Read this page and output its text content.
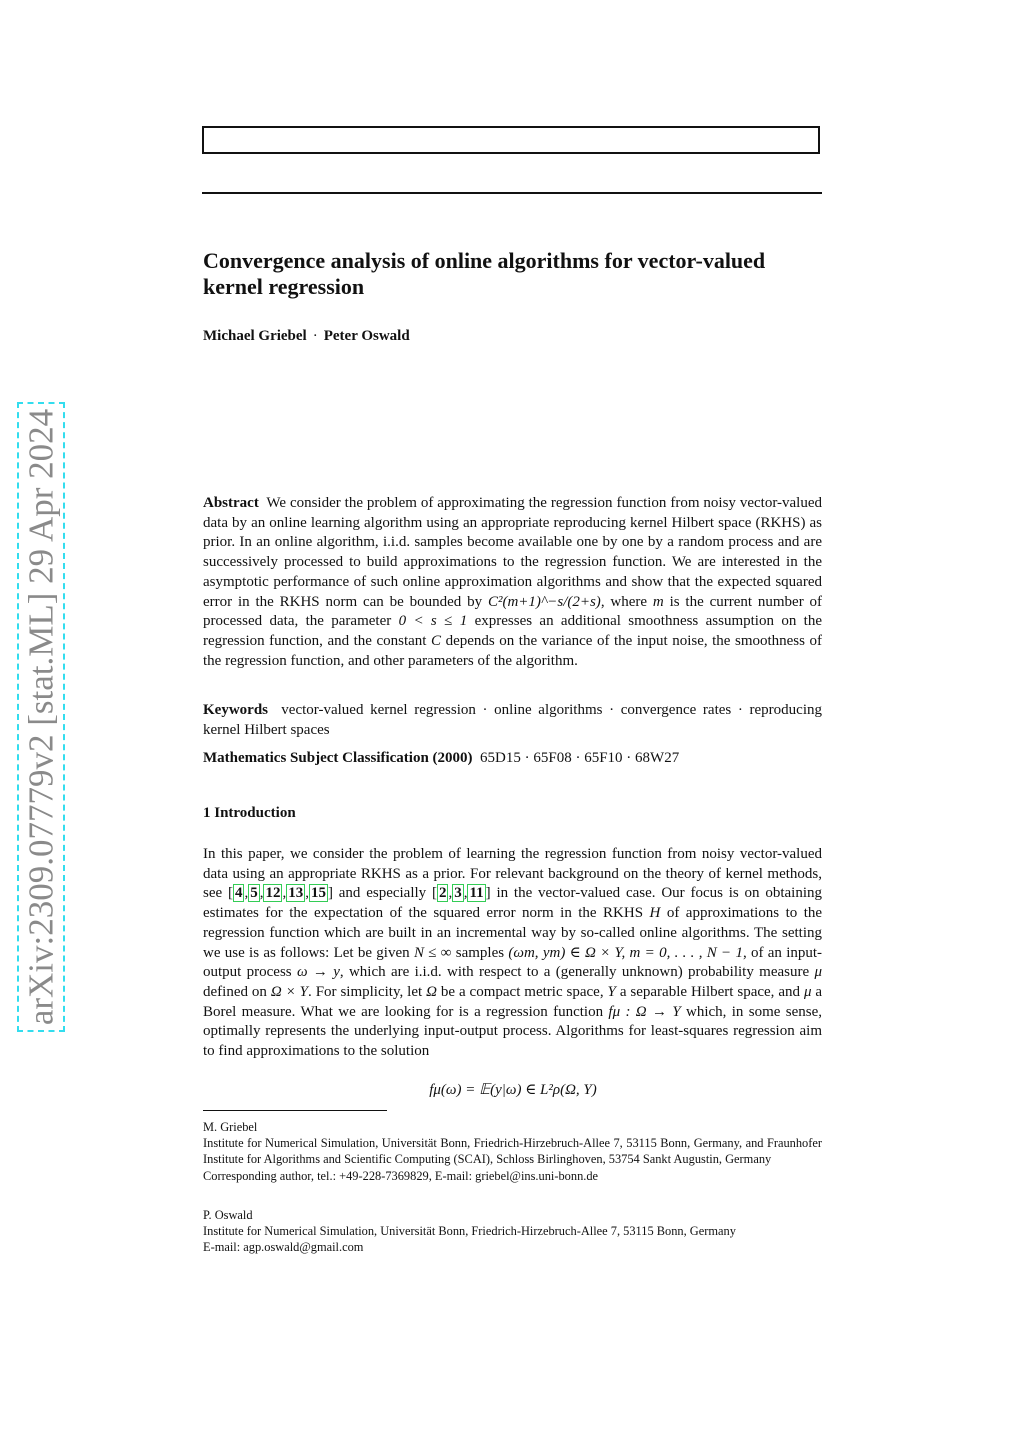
arXiv:2309.07779v2 [stat.ML] 29 Apr 2024
Convergence analysis of online algorithms for vector-valued kernel regression
Michael Griebel · Peter Oswald

Abstract We consider the problem of approximating the regression function from noisy vector-valued data by an online learning algorithm using an appropriate reproducing kernel Hilbert space (RKHS) as prior. In an online algorithm, i.i.d. samples become available one by one by a random process and are successively processed to build approximations to the regression function. We are interested in the asymptotic performance of such online approximation algorithms and show that the expected squared error in the RKHS norm can be bounded by C²(m+1)^−s/(2+s), where m is the current number of processed data, the parameter 0 < s ≤ 1 expresses an additional smoothness assumption on the regression function, and the constant C depends on the variance of the input noise, the smoothness of the regression function, and other parameters of the algorithm.

Keywords vector-valued kernel regression · online algorithms · convergence rates · reproducing kernel Hilbert spaces

Mathematics Subject Classification (2000) 65D15 · 65F08 · 65F10 · 68W27

1 Introduction

In this paper, we consider the problem of learning the regression function from noisy vector-valued data using an appropriate RKHS as a prior. For relevant background on the theory of kernel methods, see [ 4 , 5 , 12 , 13 , 15 ] and especially [ 2 , 3 , 11 ] in the vector-valued case. Our focus is on obtaining estimates for the expectation of the squared error norm in the RKHS H of approximations to the regression function which are built in an incremental way by so-called online algorithms. The setting we use is as follows: Let be given N ≤ ∞ samples (ωm, ym) ∈ Ω × Y, m = 0, . . . , N − 1, of an input-output process ω → y, which are i.i.d. with respect to a (generally unknown) probability measure μ defined on Ω × Y. For simplicity, let Ω be a compact metric space, Y a separable Hilbert space, and μ a Borel measure. What we are looking for is a regression function fμ : Ω → Y which, in some sense, optimally represents the underlying input-output process. Algorithms for least-squares regression aim to find approximations to the solution

fμ(ω) = 𝔼(y|ω) ∈ L²ρ(Ω, Y)

M. Griebel
Institute for Numerical Simulation, Universität Bonn, Friedrich-Hirzebruch-Allee 7, 53115 Bonn, Germany, and Fraunhofer Institute for Algorithms and Scientific Computing (SCAI), Schloss Birlinghoven, 53754 Sankt Augustin, Germany
Corresponding author, tel.: +49-228-7369829, E-mail: griebel@ins.uni-bonn.de

P. Oswald
Institute for Numerical Simulation, Universität Bonn, Friedrich-Hirzebruch-Allee 7, 53115 Bonn, Germany
E-mail: agp.oswald@gmail.com
